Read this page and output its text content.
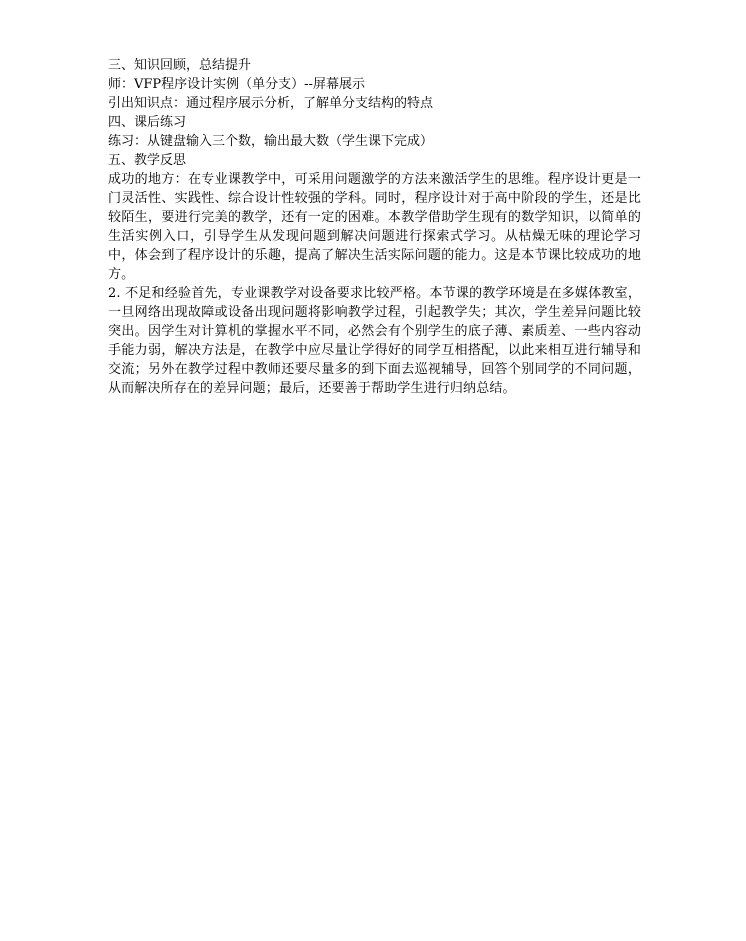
三、知识回顾，总结提升
师：VFP程序设计实例（单分支）--屏幕展示
引出知识点：通过程序展示分析，了解单分支结构的特点
四、课后练习
练习：从键盘输入三个数，输出最大数（学生课下完成）
五、教学反思
成功的地方：在专业课教学中，可采用问题激学的方法来激活学生的思维。程序设计更是一门灵活性、实践性、综合设计性较强的学科。同时，程序设计对于高中阶段的学生，还是比较陌生，要进行完美的教学，还有一定的困难。本教学借助学生现有的数学知识，以简单的生活实例入口，引导学生从发现问题到解决问题进行探索式学习。从枯燥无味的理论学习中，体会到了程序设计的乐趣，提高了解决生活实际问题的能力。这是本节课比较成功的地方。
2. 不足和经验首先，专业课教学对设备要求比较严格。本节课的教学环境是在多媒体教室，一旦网络出现故障或设备出现问题将影响教学过程，引起教学失；其次，学生差异问题比较突出。因学生对计算机的掌握水平不同，必然会有个别学生的底子薄、素质差、一些内容动手能力弱，解决方法是，在教学中应尽量让学得好的同学互相搭配，以此来相互进行辅导和交流；另外在教学过程中教师还要尽量多的到下面去巡视辅导，回答个别同学的不同问题，从而解决所存在的差异问题；最后，还要善于帮助学生进行归纳总结。
